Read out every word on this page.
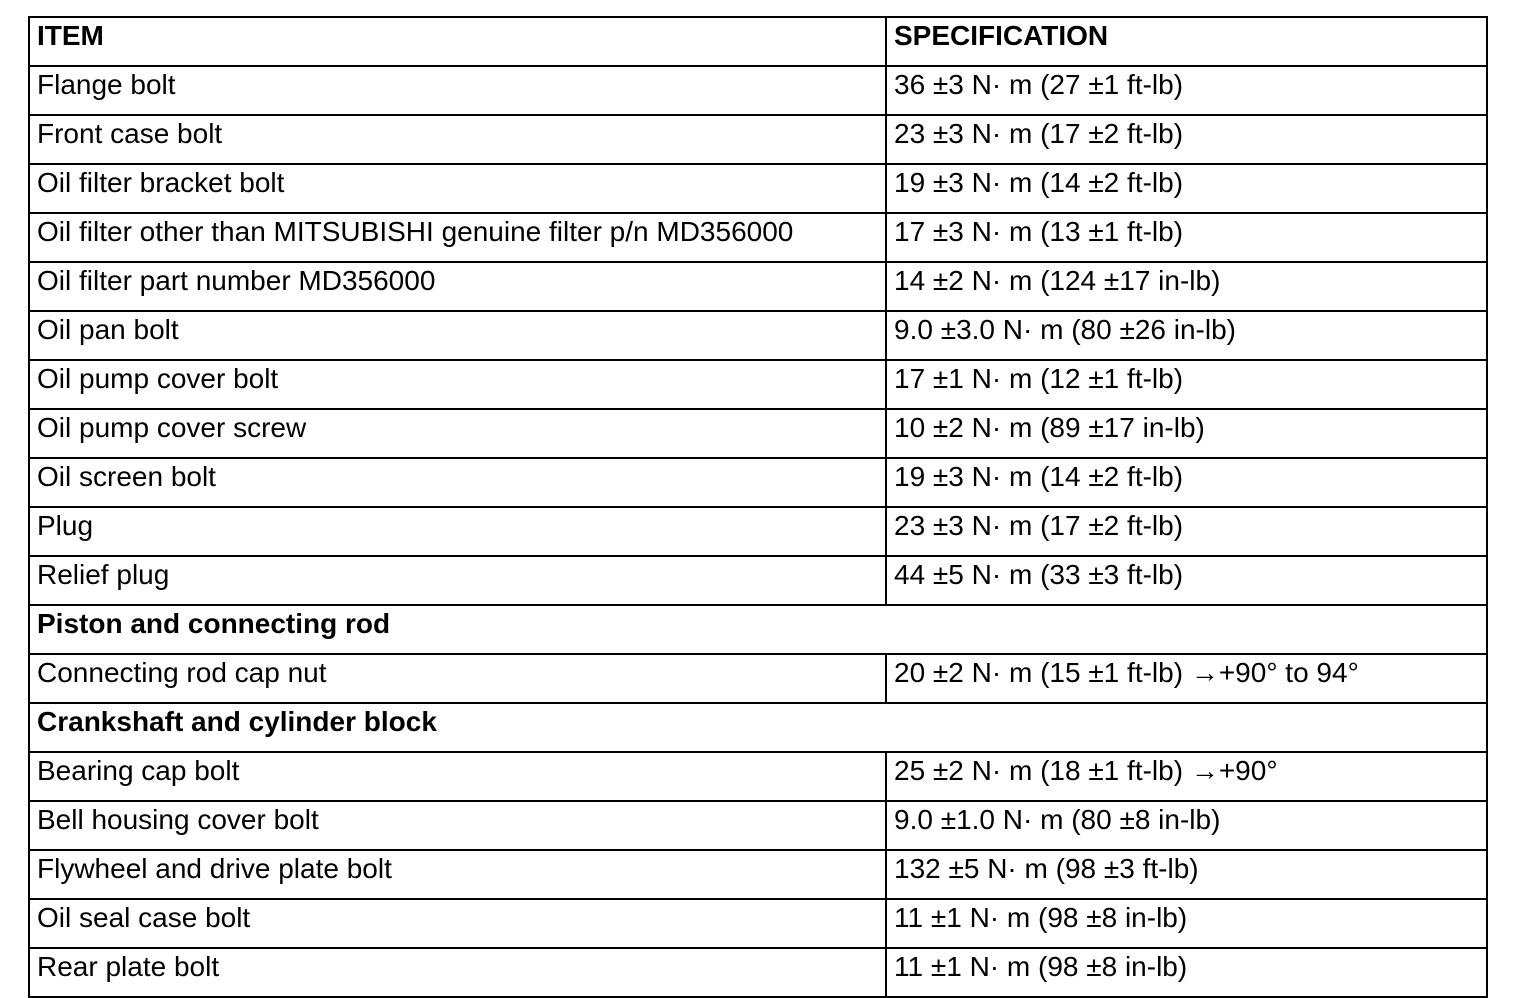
ITEM	SPECIFICATION
Flange bolt	36 ±3 N· m (27 ±1 ft-lb)
Front case bolt	23 ±3 N· m (17 ±2 ft-lb)
Oil filter bracket bolt	19 ±3 N· m (14 ±2 ft-lb)
Oil filter other than MITSUBISHI genuine filter p/n MD356000	17 ±3 N· m (13 ±1 ft-lb)
Oil filter part number MD356000	14 ±2 N· m (124 ±17 in-lb)
Oil pan bolt	9.0 ±3.0 N· m (80 ±26 in-lb)
Oil pump cover bolt	17 ±1 N· m (12 ±1 ft-lb)
Oil pump cover screw	10 ±2 N· m (89 ±17 in-lb)
Oil screen bolt	19 ±3 N· m (14 ±2 ft-lb)
Plug	23 ±3 N· m (17 ±2 ft-lb)
Relief plug	44 ±5 N· m (33 ±3 ft-lb)
Piston and connecting rod	
Connecting rod cap nut	20 ±2 N· m (15 ±1 ft-lb) →+90° to 94°
Crankshaft and cylinder block	
Bearing cap bolt	25 ±2 N· m (18 ±1 ft-lb) →+90°
Bell housing cover bolt	9.0 ±1.0 N· m (80 ±8 in-lb)
Flywheel and drive plate bolt	132 ±5 N· m (98 ±3 ft-lb)
Oil seal case bolt	11 ±1 N· m (98 ±8 in-lb)
Rear plate bolt	11 ±1 N· m (98 ±8 in-lb)
